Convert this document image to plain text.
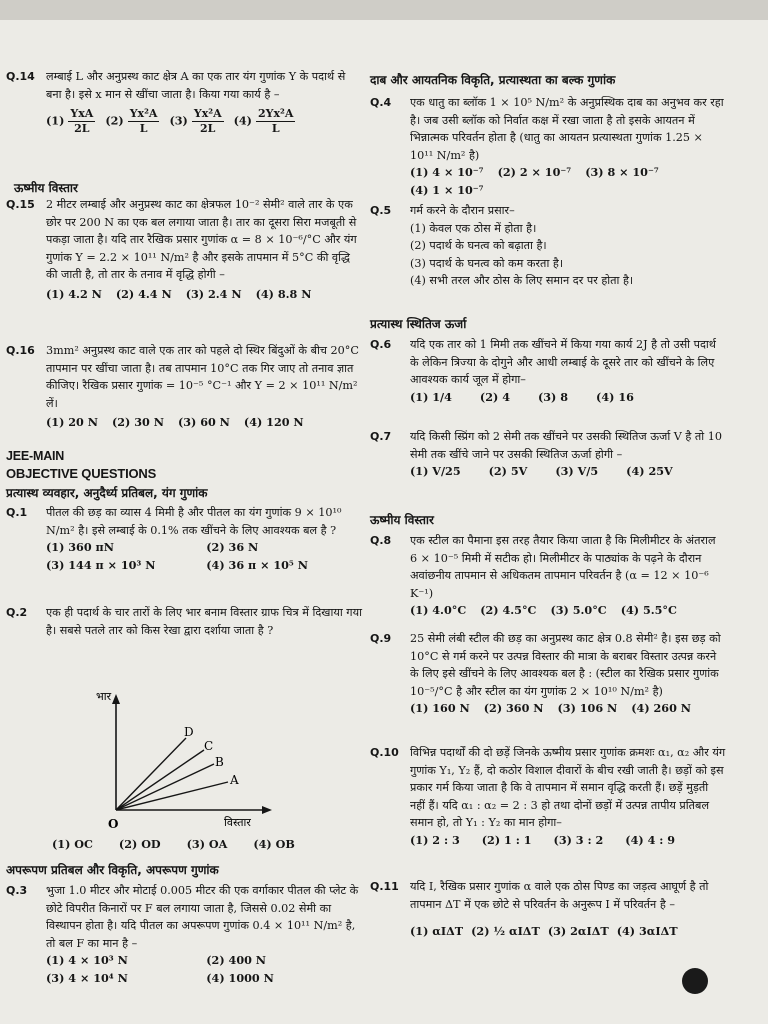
Q.14 लम्बाई L और अनुप्रस्थ काट क्षेत्र A का एक तार यंग गुणांक Y के पदार्थ से बना है। इसे x मान से खींचा जाता है। किया गया कार्य है –

(1) YxA
2L
$(2) \frac{\text{Yx²A}}{L} (3) \frac{\text{Yx²A}}{2L} (4) \frac{\text{2Yx²A}}{L}$
ऊष्मीय विस्तार
Q.15 2 मीटर लम्बाई और अनुप्रस्थ काट का क्षेत्रफल 10⁻² सेमी² वाले तार के एक छोर पर 200 N का एक बल लगाया जाता है। तार का दूसरा सिरा मजबूती से पकड़ा जाता है। यदि तार रैखिक प्रसार गुणांक α = 8 × 10⁻⁶/°C और यंग गुणांक Y = 2.2 × 10¹¹ N/m² है और इसके तापमान में 5°C की वृद्धि की जाती है, तो तार के तनाव में वृद्धि होगी –

(1) 4.2 N (2) 4.4 N (3) 2.4 N (4) 8.8 N
Q.16 3mm² अनुप्रस्थ काट वाले एक तार को पहले दो स्थिर बिंदुओं के बीच 20°C तापमान पर खींचा जाता है। तब तापमान 10°C तक गिर जाए तो तनाव ज्ञात कीजिए। रैखिक प्रसार गुणांक = 10⁻⁵ °C⁻¹ और Y = 2 × 10¹¹ N/m² लें।

(1) 20 N (2) 30 N (3) 60 N (4) 120 N
JEE-MAIN
OBJECTIVE QUESTIONS
प्रत्यास्थ व्यवहार, अनुदैर्ध्य प्रतिबल, यंग गुणांक
Q.1 पीतल की छड़ का व्यास 4 मिमी है और पीतल का यंग गुणांक 9 × 10¹⁰ N/m² है। इसे लम्बाई के 0.1% तक खींचने के लिए आवश्यक बल है ?

(1) 360 πN	(2) 36 N
(3) 144 π × 10³ N	(4) 36 π × 10⁵ N
Q.2 एक ही पदार्थ के चार तारों के लिए भार बनाम विस्तार ग्राफ चित्र में दिखाया गया है। सबसे पतले तार को किस रेखा द्वारा दर्शाया जाता है ?

भार
विस्तार
O
D
C
B
A
(1) OC (2) OD (3) OA (4) OB
अपरूपण प्रतिबल और विकृति, अपरूपण गुणांक
Q.3 भुजा 1.0 मीटर और मोटाई 0.005 मीटर की एक वर्गाकार पीतल की प्लेट के छोटे विपरीत किनारों पर F बल लगाया जाता है, जिससे 0.02 सेमी का विस्थापन होता है। यदि पीतल का अपरूपण गुणांक 0.4 × 10¹¹ N/m² है, तो बल F का मान है –

(1) 4 × 10³ N	(2) 400 N
(3) 4 × 10⁴ N	(4) 1000 N
दाब और आयतनिक विकृति, प्रत्यास्थता का बल्क गुणांक
Q.4 एक धातु का ब्लॉक 1 × 10⁵ N/m² के अनुप्रस्थिक दाब का अनुभव कर रहा है। जब उसी ब्लॉक को निर्वात कक्ष में रखा जाता है तो इसके आयतन में भिन्नात्मक परिवर्तन होता है (धातु का आयतन प्रत्यास्थता गुणांक 1.25 × 10¹¹ N/m² है)

(1) 4 × 10⁻⁷ (2) 2 × 10⁻⁷ (3) 8 × 10⁻⁷
(4) 1 × 10⁻⁷
Q.5 गर्म करने के दौरान प्रसार–

(1) केवल एक ठोस में होता है।

(2) पदार्थ के घनत्व को बढ़ाता है।

(3) पदार्थ के घनत्व को कम करता है।

(4) सभी तरल और ठोस के लिए समान दर पर होता है।

प्रत्यास्थ स्थितिज ऊर्जा
Q.6 यदि एक तार को 1 मिमी तक खींचने में किया गया कार्य 2J है तो उसी पदार्थ के लेकिन त्रिज्या के दोगुने और आधी लम्बाई के दूसरे तार को खींचने के लिए आवश्यक कार्य जूल में होगा–

(1) 1/4	(2) 4	(3) 8	(4) 16
Q.7 यदि किसी स्प्रिंग को 2 सेमी तक खींचने पर उसकी स्थितिज ऊर्जा V है तो 10 सेमी तक खींचे जाने पर उसकी स्थितिज ऊर्जा होगी –

(1) V/25	(2) 5V	(3) V/5	(4) 25V
ऊष्मीय विस्तार
Q.8 एक स्टील का पैमाना इस तरह तैयार किया जाता है कि मिलीमीटर के अंतराल 6 × 10⁻⁵ मिमी में सटीक हो। मिलीमीटर के पाठ्यांक के पढ़ने के दौरान अवांछनीय तापमान से अधिकतम तापमान परिवर्तन है (α = 12 × 10⁻⁶ K⁻¹)

(1) 4.0°C (2) 4.5°C (3) 5.0°C (4) 5.5°C
Q.9 25 सेमी लंबी स्टील की छड़ का अनुप्रस्थ काट क्षेत्र 0.8 सेमी² है। इस छड़ को 10°C से गर्म करने पर उत्पन्न विस्तार की मात्रा के बराबर विस्तार उत्पन्न करने के लिए इसे खींचने के लिए आवश्यक बल है : (स्टील का रैखिक प्रसार गुणांक 10⁻⁵/°C है और स्टील का यंग गुणांक 2 × 10¹⁰ N/m² है)

(1) 160 N (2) 360 N (3) 106 N (4) 260 N
Q.10 विभिन्न पदार्थों की दो छड़ें जिनके ऊष्मीय प्रसार गुणांक क्रमशः α₁, α₂ और यंग गुणांक Y₁, Y₂ हैं, दो कठोर विशाल दीवारों के बीच रखी जाती है। छड़ों को इस प्रकार गर्म किया जाता है कि वे तापमान में समान वृद्धि करती हैं। छड़ें मुड़ती नहीं हैं। यदि α₁ : α₂ = 2 : 3 हो तथा दोनों छड़ों में उत्पन्न तापीय प्रतिबल समान हो, तो Y₁ : Y₂ का मान होगा–

(1) 2 : 3 (2) 1 : 1 (3) 3 : 2 (4) 4 : 9
Q.11 यदि I, रैखिक प्रसार गुणांक α वाले एक ठोस पिण्ड का जड़त्व आघूर्ण है तो तापमान ΔT में एक छोटे से परिवर्तन के अनुरूप I में परिवर्तन है –

(1) αIΔT (2) ½ αIΔT (3) 2αIΔT (4) 3αIΔT
